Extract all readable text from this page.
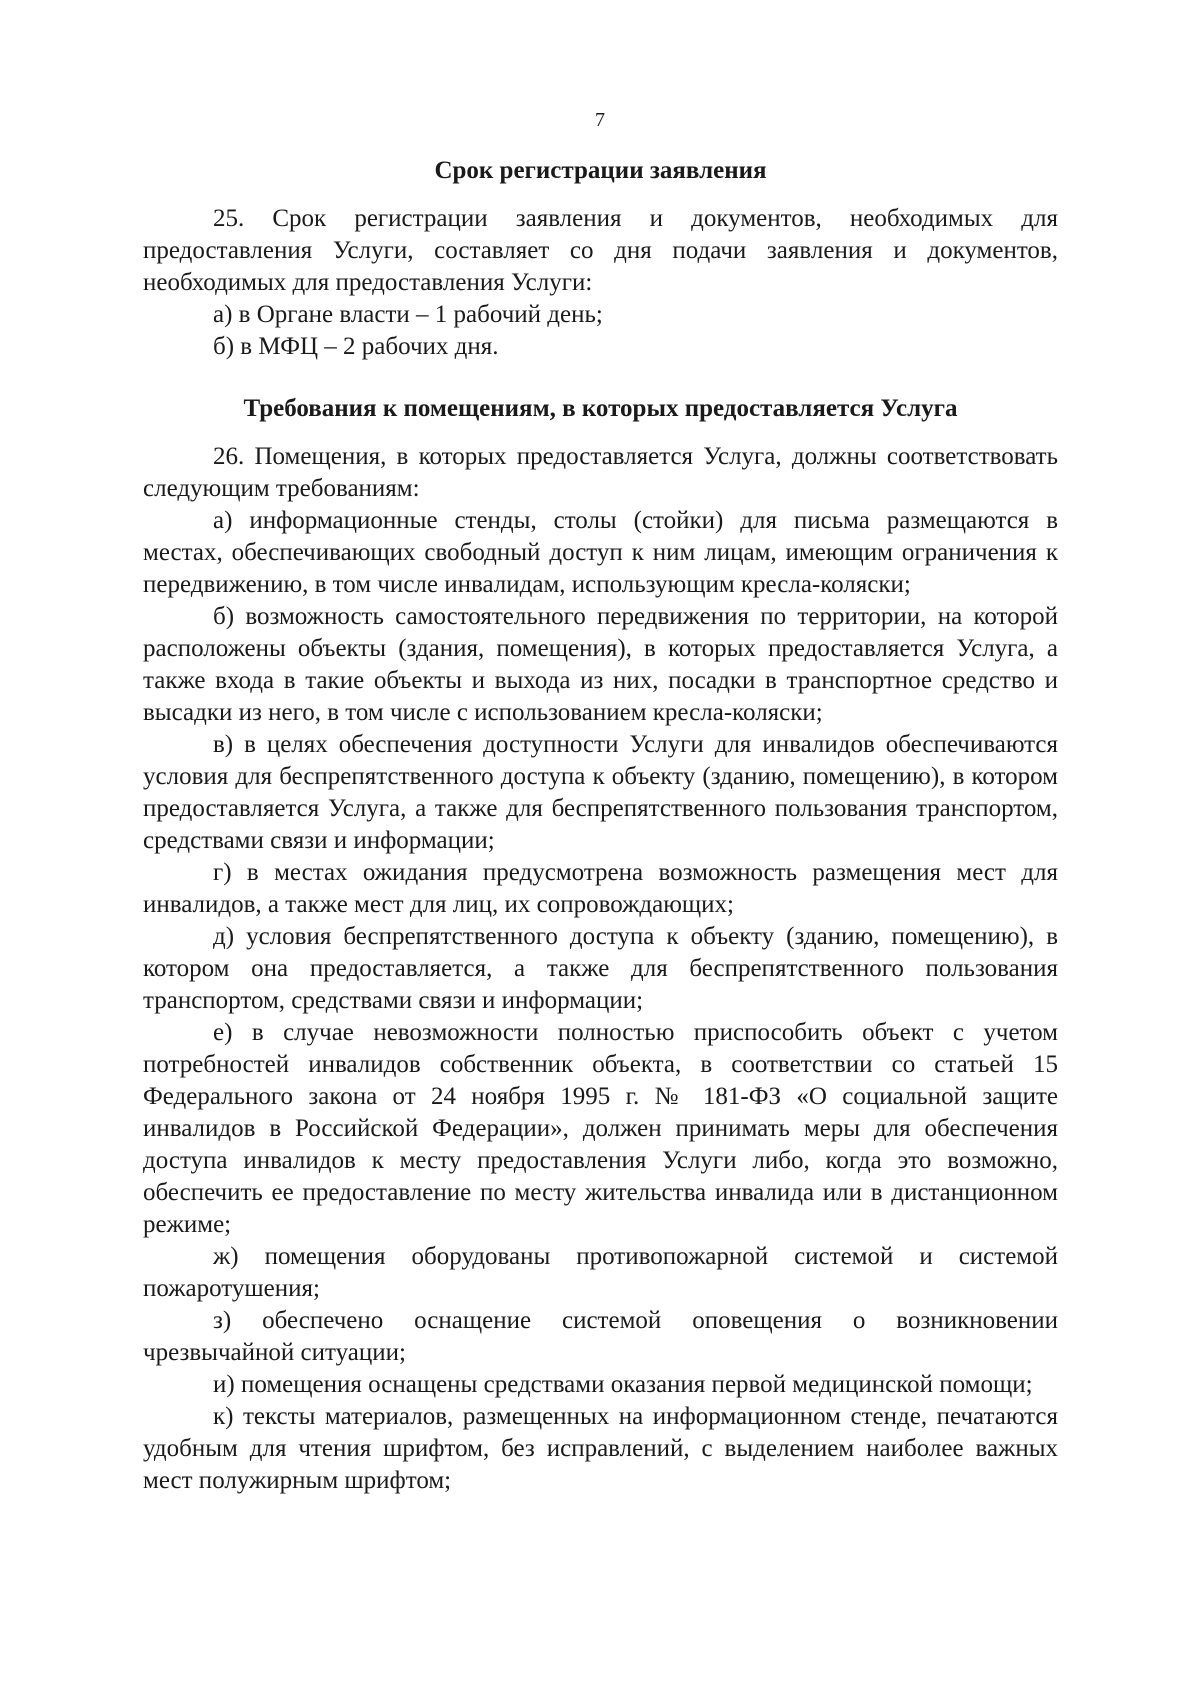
7
Срок регистрации заявления

25. Срок регистрации заявления и документов, необходимых для предоставления Услуги, составляет со дня подачи заявления и документов, необходимых для предоставления Услуги:

а) в Органе власти – 1 рабочий день;

б) в МФЦ – 2 рабочих дня.

Требования к помещениям, в которых предоставляется Услуга

26. Помещения, в которых предоставляется Услуга, должны соответствовать следующим требованиям:

а) информационные стенды, столы (стойки) для письма размещаются в местах, обеспечивающих свободный доступ к ним лицам, имеющим ограничения к передвижению, в том числе инвалидам, использующим кресла-коляски;

б) возможность самостоятельного передвижения по территории, на которой расположены объекты (здания, помещения), в которых предоставляется Услуга, а также входа в такие объекты и выхода из них, посадки в транспортное средство и высадки из него, в том числе с использованием кресла-коляски;

в) в целях обеспечения доступности Услуги для инвалидов обеспечиваются условия для беспрепятственного доступа к объекту (зданию, помещению), в котором предоставляется Услуга, а также для беспрепятственного пользования транспортом, средствами связи и информации;

г) в местах ожидания предусмотрена возможность размещения мест для инвалидов, а также мест для лиц, их сопровождающих;

д) условия беспрепятственного доступа к объекту (зданию, помещению), в котором она предоставляется, а также для беспрепятственного пользования транспортом, средствами связи и информации;

е) в случае невозможности полностью приспособить объект с учетом потребностей инвалидов собственник объекта, в соответствии со статьей 15 Федерального закона от 24 ноября 1995 г. № 181-ФЗ «О социальной защите инвалидов в Российской Федерации», должен принимать меры для обеспечения доступа инвалидов к месту предоставления Услуги либо, когда это возможно, обеспечить ее предоставление по месту жительства инвалида или в дистанционном режиме;

ж) помещения оборудованы противопожарной системой и системой пожаротушения;

з) обеспечено оснащение системой оповещения о возникновении чрезвычайной ситуации;

и) помещения оснащены средствами оказания первой медицинской помощи;

к) тексты материалов, размещенных на информационном стенде, печатаются удобным для чтения шрифтом, без исправлений, с выделением наиболее важных мест полужирным шрифтом;
